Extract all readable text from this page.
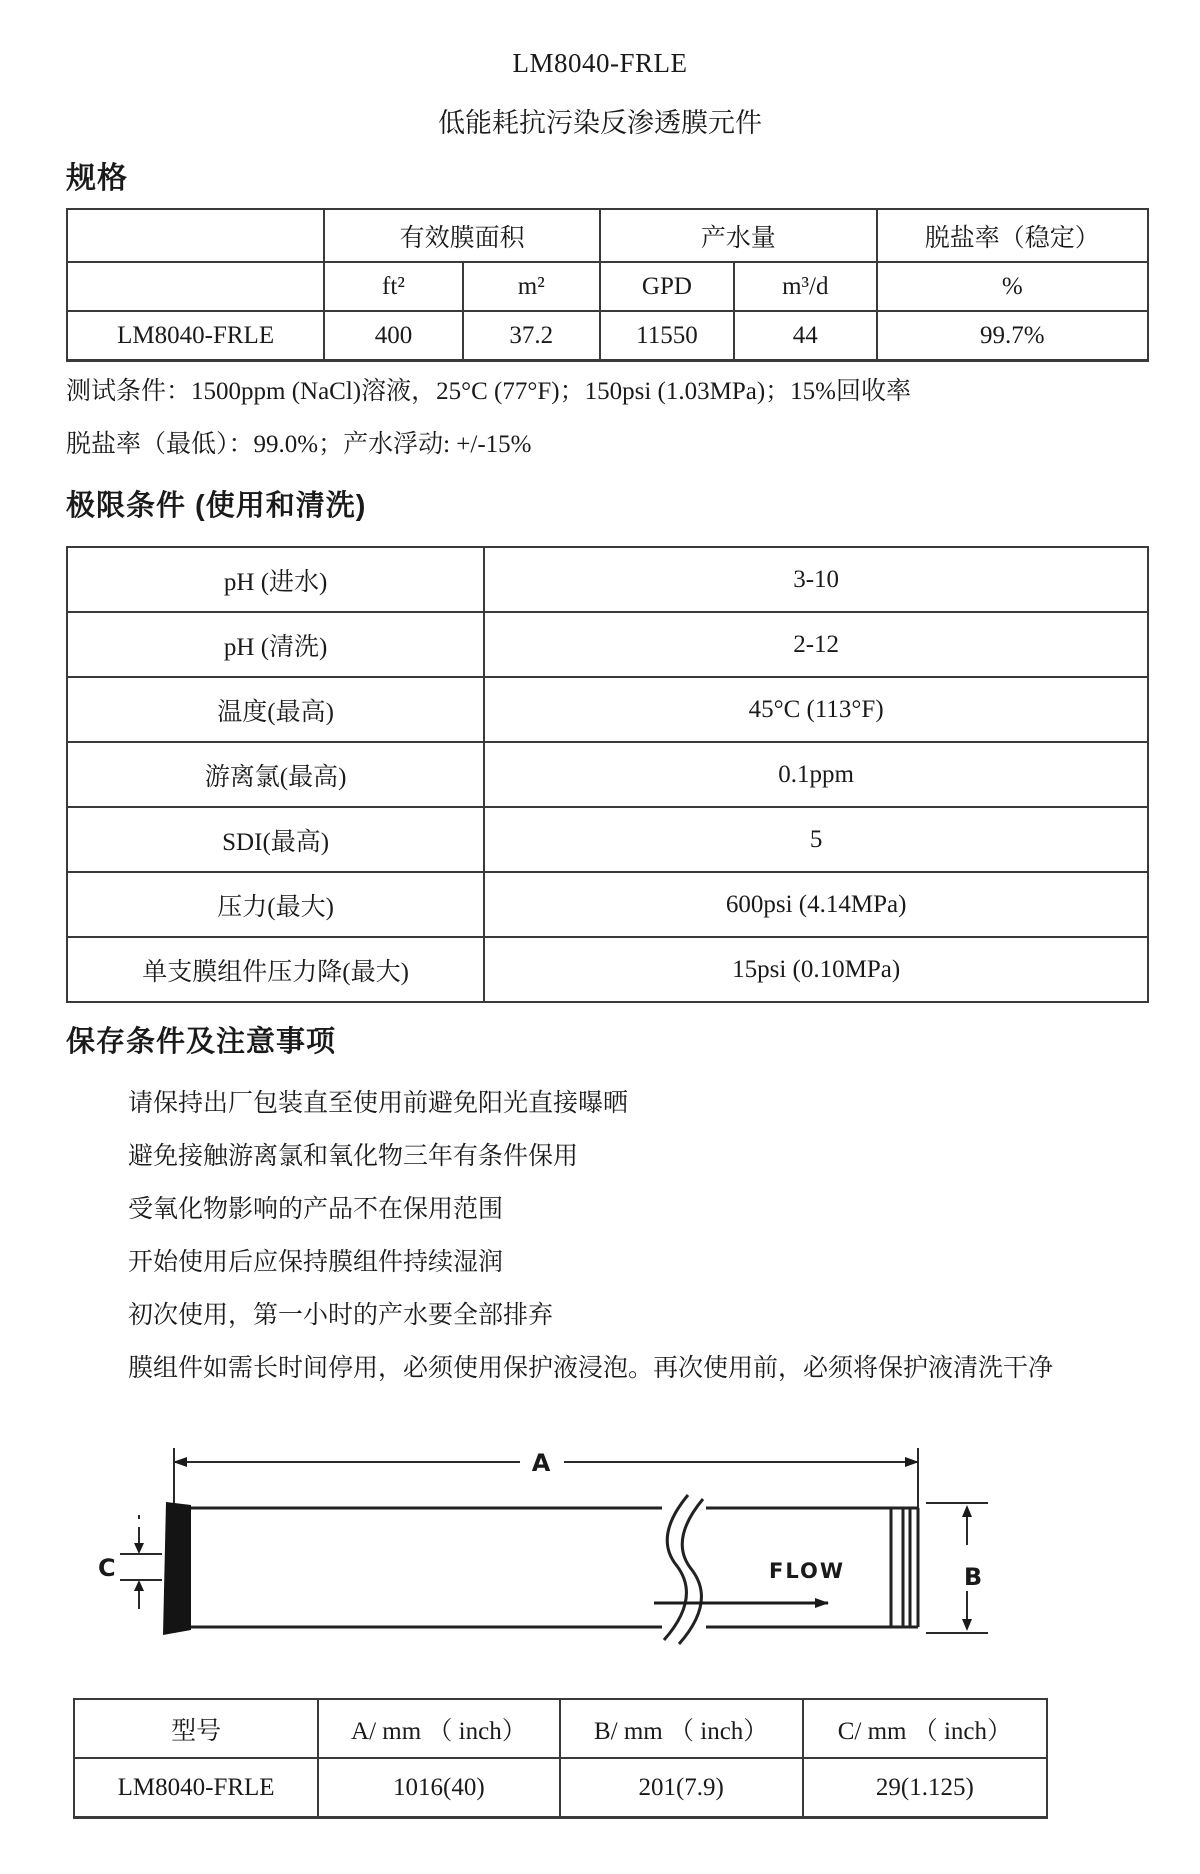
LM8040-FRLE
低能耗抗污染反渗透膜元件
规格
	有效膜面积		产水量		脱盐率（稳定）
	ft²	m²	GPD	m³/d	%
LM8040-FRLE	400	37.2	11550	44	99.7%
测试条件：1500ppm (NaCl)溶液，25°C (77°F)；150psi (1.03MPa)；15%回收率
脱盐率（最低）：99.0%；产水浮动: +/-15%
极限条件 (使用和清洗)
pH (进水)	3-10
pH (清洗)	2-12
温度(最高)	45°C (113°F)
游离氯(最高)	0.1ppm
SDI(最高)	5
压力(最大)	600psi (4.14MPa)
单支膜组件压力降(最大)	15psi (0.10MPa)
保存条件及注意事项
请保持出厂包装直至使用前避免阳光直接曝晒
避免接触游离氯和氧化物三年有条件保用
受氧化物影响的产品不在保用范围
开始使用后应保持膜组件持续湿润
初次使用，第一小时的产水要全部排弃
膜组件如需长时间停用，必须使用保护液浸泡。再次使用前，必须将保护液清洗干净
A
FLOW
C	B
型号	A/ mm （ inch）	B/ mm （ inch）	C/ mm （ inch）
LM8040-FRLE	1016(40)	201(7.9)	29(1.125)
